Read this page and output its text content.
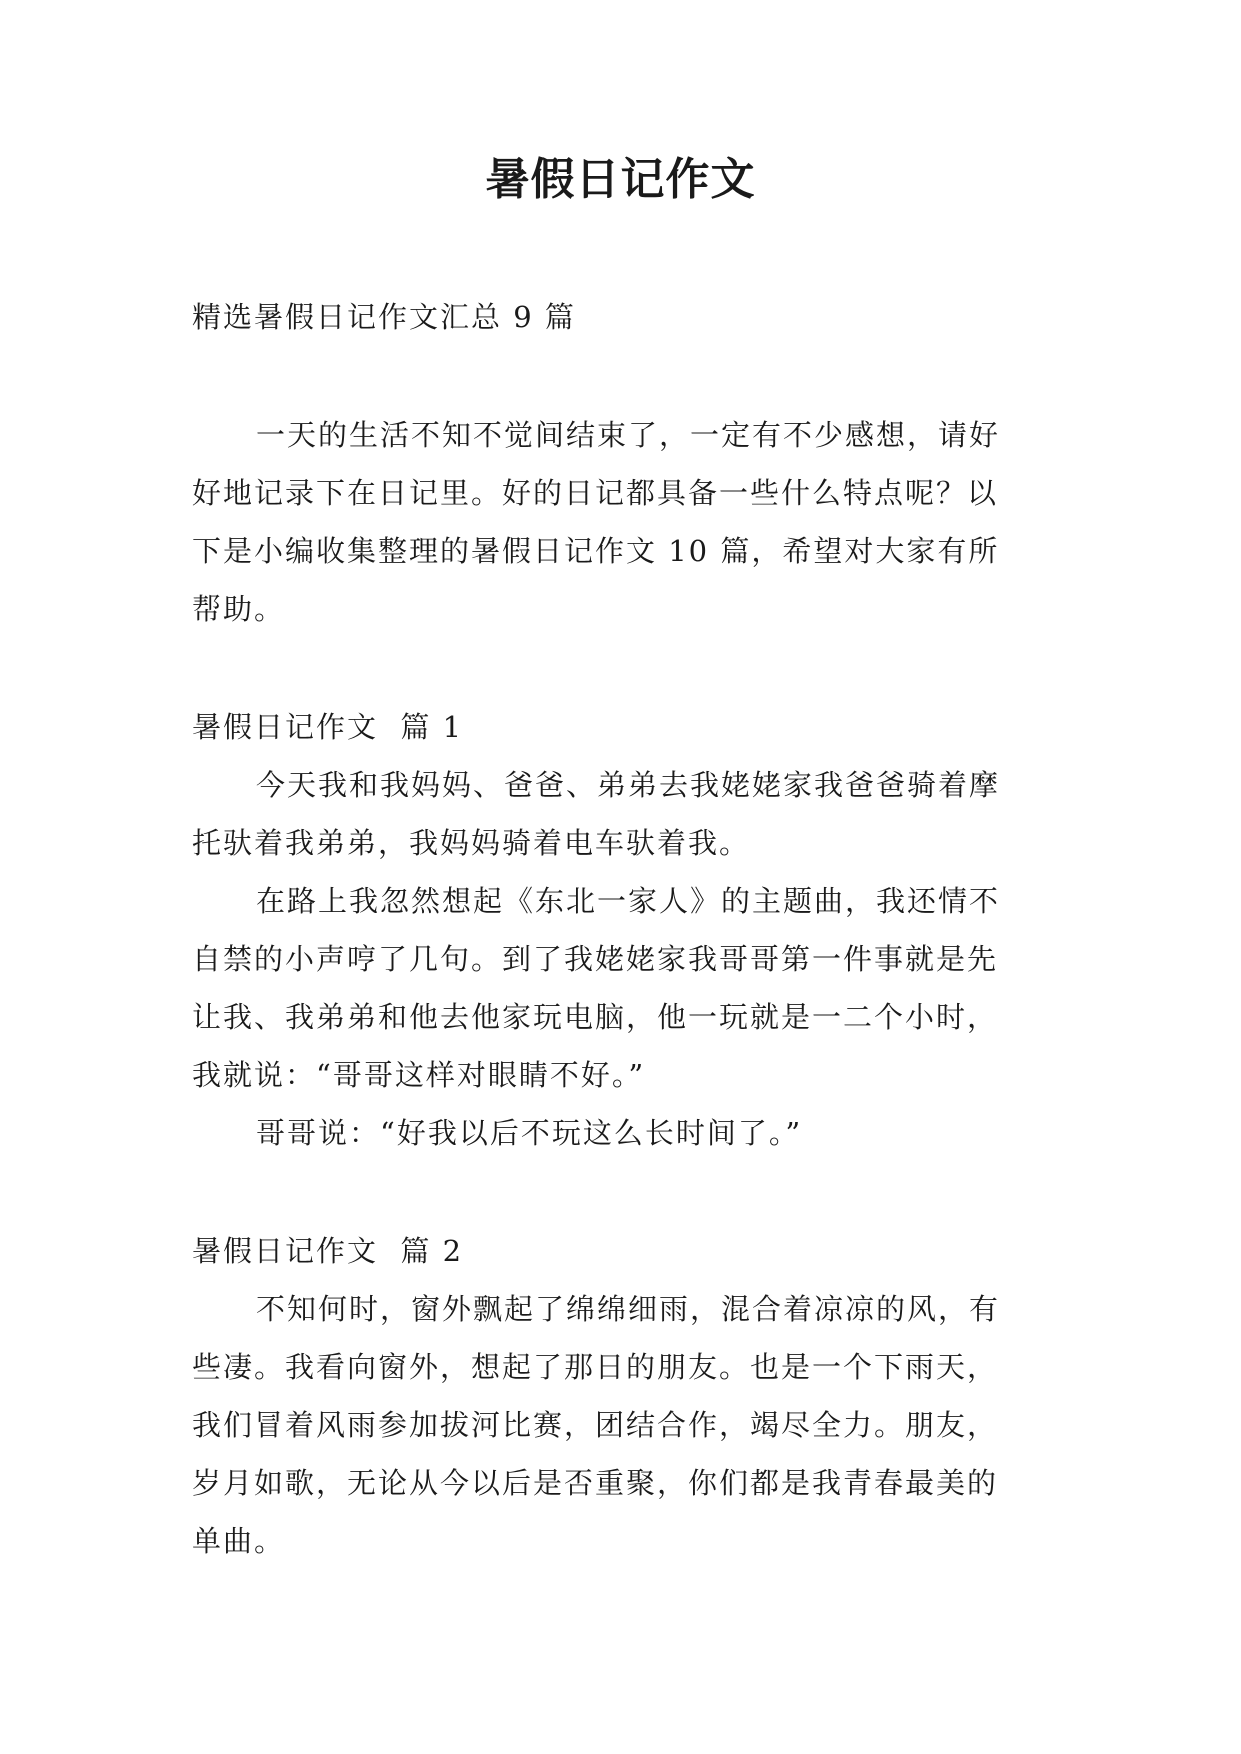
暑假日记作文

精选暑假日记作文汇总 9 篇

一天的生活不知不觉间结束了，一定有不少感想，请好

好地记录下在日记里。好的日记都具备一些什么特点呢？以

下是小编收集整理的暑假日记作文 10 篇，希望对大家有所

帮助。

暑假日记作文  篇 1

今天我和我妈妈、爸爸、弟弟去我姥姥家我爸爸骑着摩

托驮着我弟弟，我妈妈骑着电车驮着我。

在路上我忽然想起《东北一家人》的主题曲，我还情不

自禁的小声哼了几句。到了我姥姥家我哥哥第一件事就是先

让我、我弟弟和他去他家玩电脑，他一玩就是一二个小时，

我就说：“哥哥这样对眼睛不好。”

哥哥说：“好我以后不玩这么长时间了。”

暑假日记作文  篇 2

不知何时，窗外飘起了绵绵细雨，混合着凉凉的风，有

些凄。我看向窗外，想起了那日的朋友。也是一个下雨天，

我们冒着风雨参加拔河比赛，团结合作，竭尽全力。朋友，

岁月如歌，无论从今以后是否重聚，你们都是我青春最美的

单曲。
